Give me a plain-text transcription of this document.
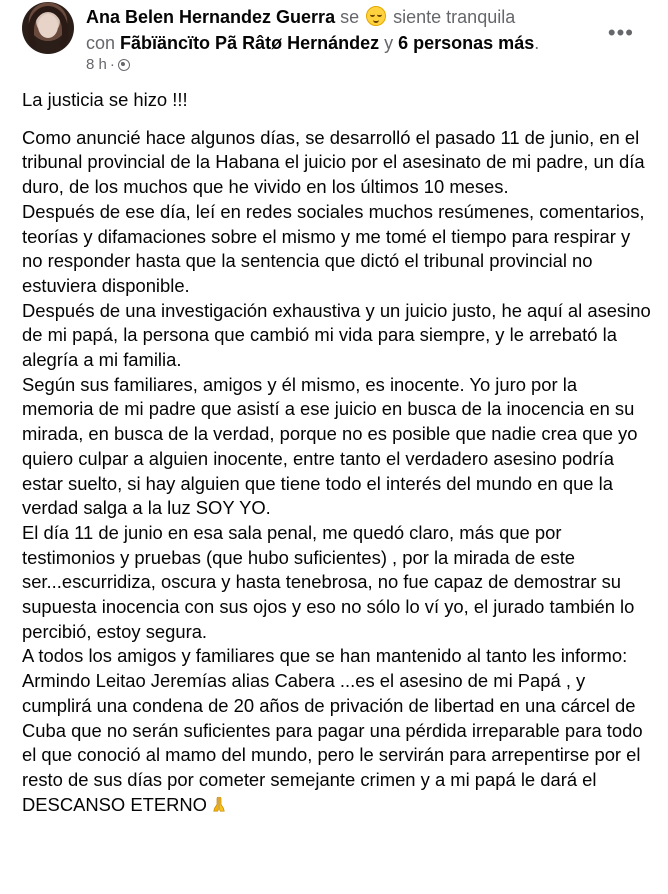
Ana Belen Hernandez Guerra se siente tranquila
con Fãbïäncïto Pã Râtø Hernández y 6 personas más.
8 h ·
•••

La justicia se hizo !!!

Como anuncié hace algunos días, se desarrolló el pasado 11 de junio, en el tribunal provincial de la Habana el juicio por el asesinato de mi padre, un día duro, de los muchos que he vivido en los últimos 10 meses.

Después de ese día, leí en redes sociales muchos resúmenes, comentarios, teorías y difamaciones sobre el mismo y me tomé el tiempo para respirar y no responder hasta que la sentencia que dictó el tribunal provincial no estuviera disponible.

Después de una investigación exhaustiva y un juicio justo, he aquí al asesino de mi papá, la persona que cambió mi vida para siempre, y le arrebató la alegría a mi familia.

Según sus familiares, amigos y él mismo, es inocente. Yo juro por la memoria de mi padre que asistí a ese juicio en busca de la inocencia en su mirada, en busca de la verdad, porque no es posible que nadie crea que yo quiero culpar a alguien inocente, entre tanto el verdadero asesino podría estar suelto, si hay alguien que tiene todo el interés del mundo en que la verdad salga a la luz SOY YO.

El día 11 de junio en esa sala penal, me quedó claro, más que por testimonios y pruebas (que hubo suficientes) , por la mirada de este ser...escurridiza, oscura y hasta tenebrosa, no fue capaz de demostrar su supuesta inocencia con sus ojos y eso no sólo lo ví yo, el jurado también lo percibió, estoy segura.

A todos los amigos y familiares que se han mantenido al tanto les informo: Armindo Leitao Jeremías alias Cabera ...es el asesino de mi Papá , y cumplirá una condena de 20 años de privación de libertad en una cárcel de Cuba que no serán suficientes para pagar una pérdida irreparable para todo el que conoció al mamo del mundo, pero le servirán para arrepentirse por el resto de sus días por cometer semejante crimen y a mi papá le dará el DESCANSO ETERNO
